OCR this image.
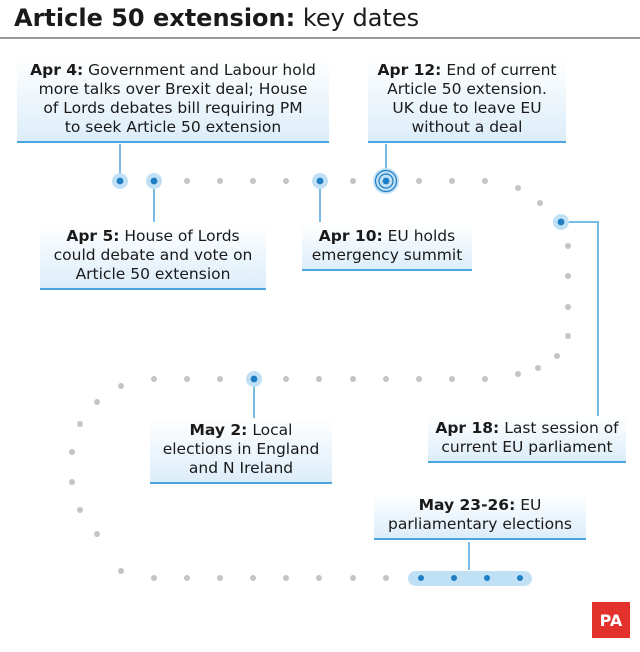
Article 50 extension: key dates
Apr 4: Government and Labour hold
more talks over Brexit deal; House
of Lords debates bill requiring PM
to seek Article 50 extension
Apr 12: End of current
Article 50 extension.
UK due to leave EU
without a deal
Apr 5: House of Lords
could debate and vote on
Article 50 extension
Apr 10: EU holds
emergency summit
May 2: Local
elections in England
and N Ireland
Apr 18: Last session of
current EU parliament
May 23-26: EU
parliamentary elections
PA
